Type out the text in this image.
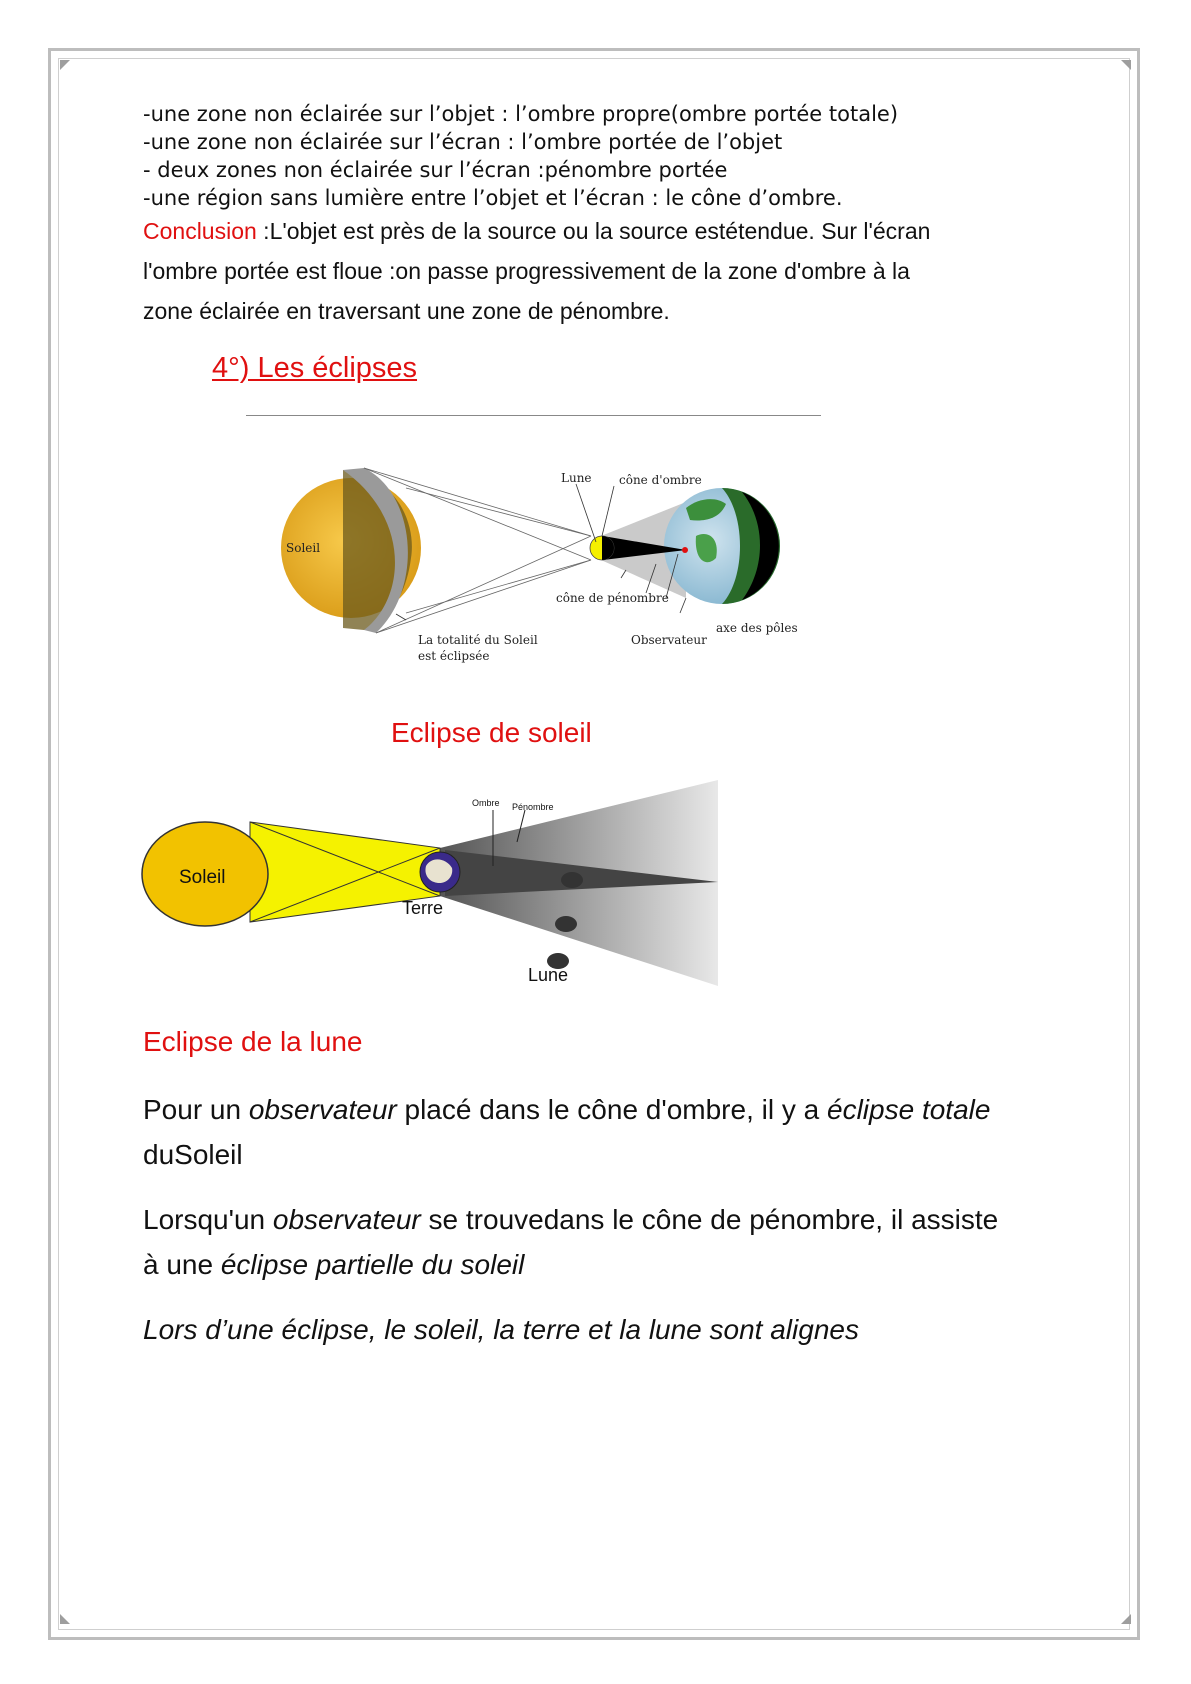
-une zone non éclairée sur l’objet : l’ombre propre(ombre portée totale)
-une zone non éclairée sur l’écran : l’ombre portée de l’objet
- deux zones non éclairée sur l’écran :pénombre portée
-une région sans lumière entre l’objet et l’écran : le cône d’ombre.
Conclusion :L'objet est près de la source ou la source estétendue. Sur l'écran
l'ombre portée est floue :on passe progressivement de la zone d'ombre à la
zone éclairée en traversant une zone de pénombre.
4°) Les éclipses
Soleil
Lune cône d'ombre
cône de pénombre
La totalité du Soleil
est éclipsée
Observateur
axe des pôles
Eclipse de soleil
Soleil
Terre
Lune
Ombre Pénombre
Eclipse de la lune
Pour un observateur placé dans le cône d'ombre, il y a éclipse totale
duSoleil
Lorsqu'un observateur se trouvedans le cône de pénombre, il assiste
à une éclipse partielle du soleil
Lors d’une éclipse, le soleil, la terre et la lune sont alignes
